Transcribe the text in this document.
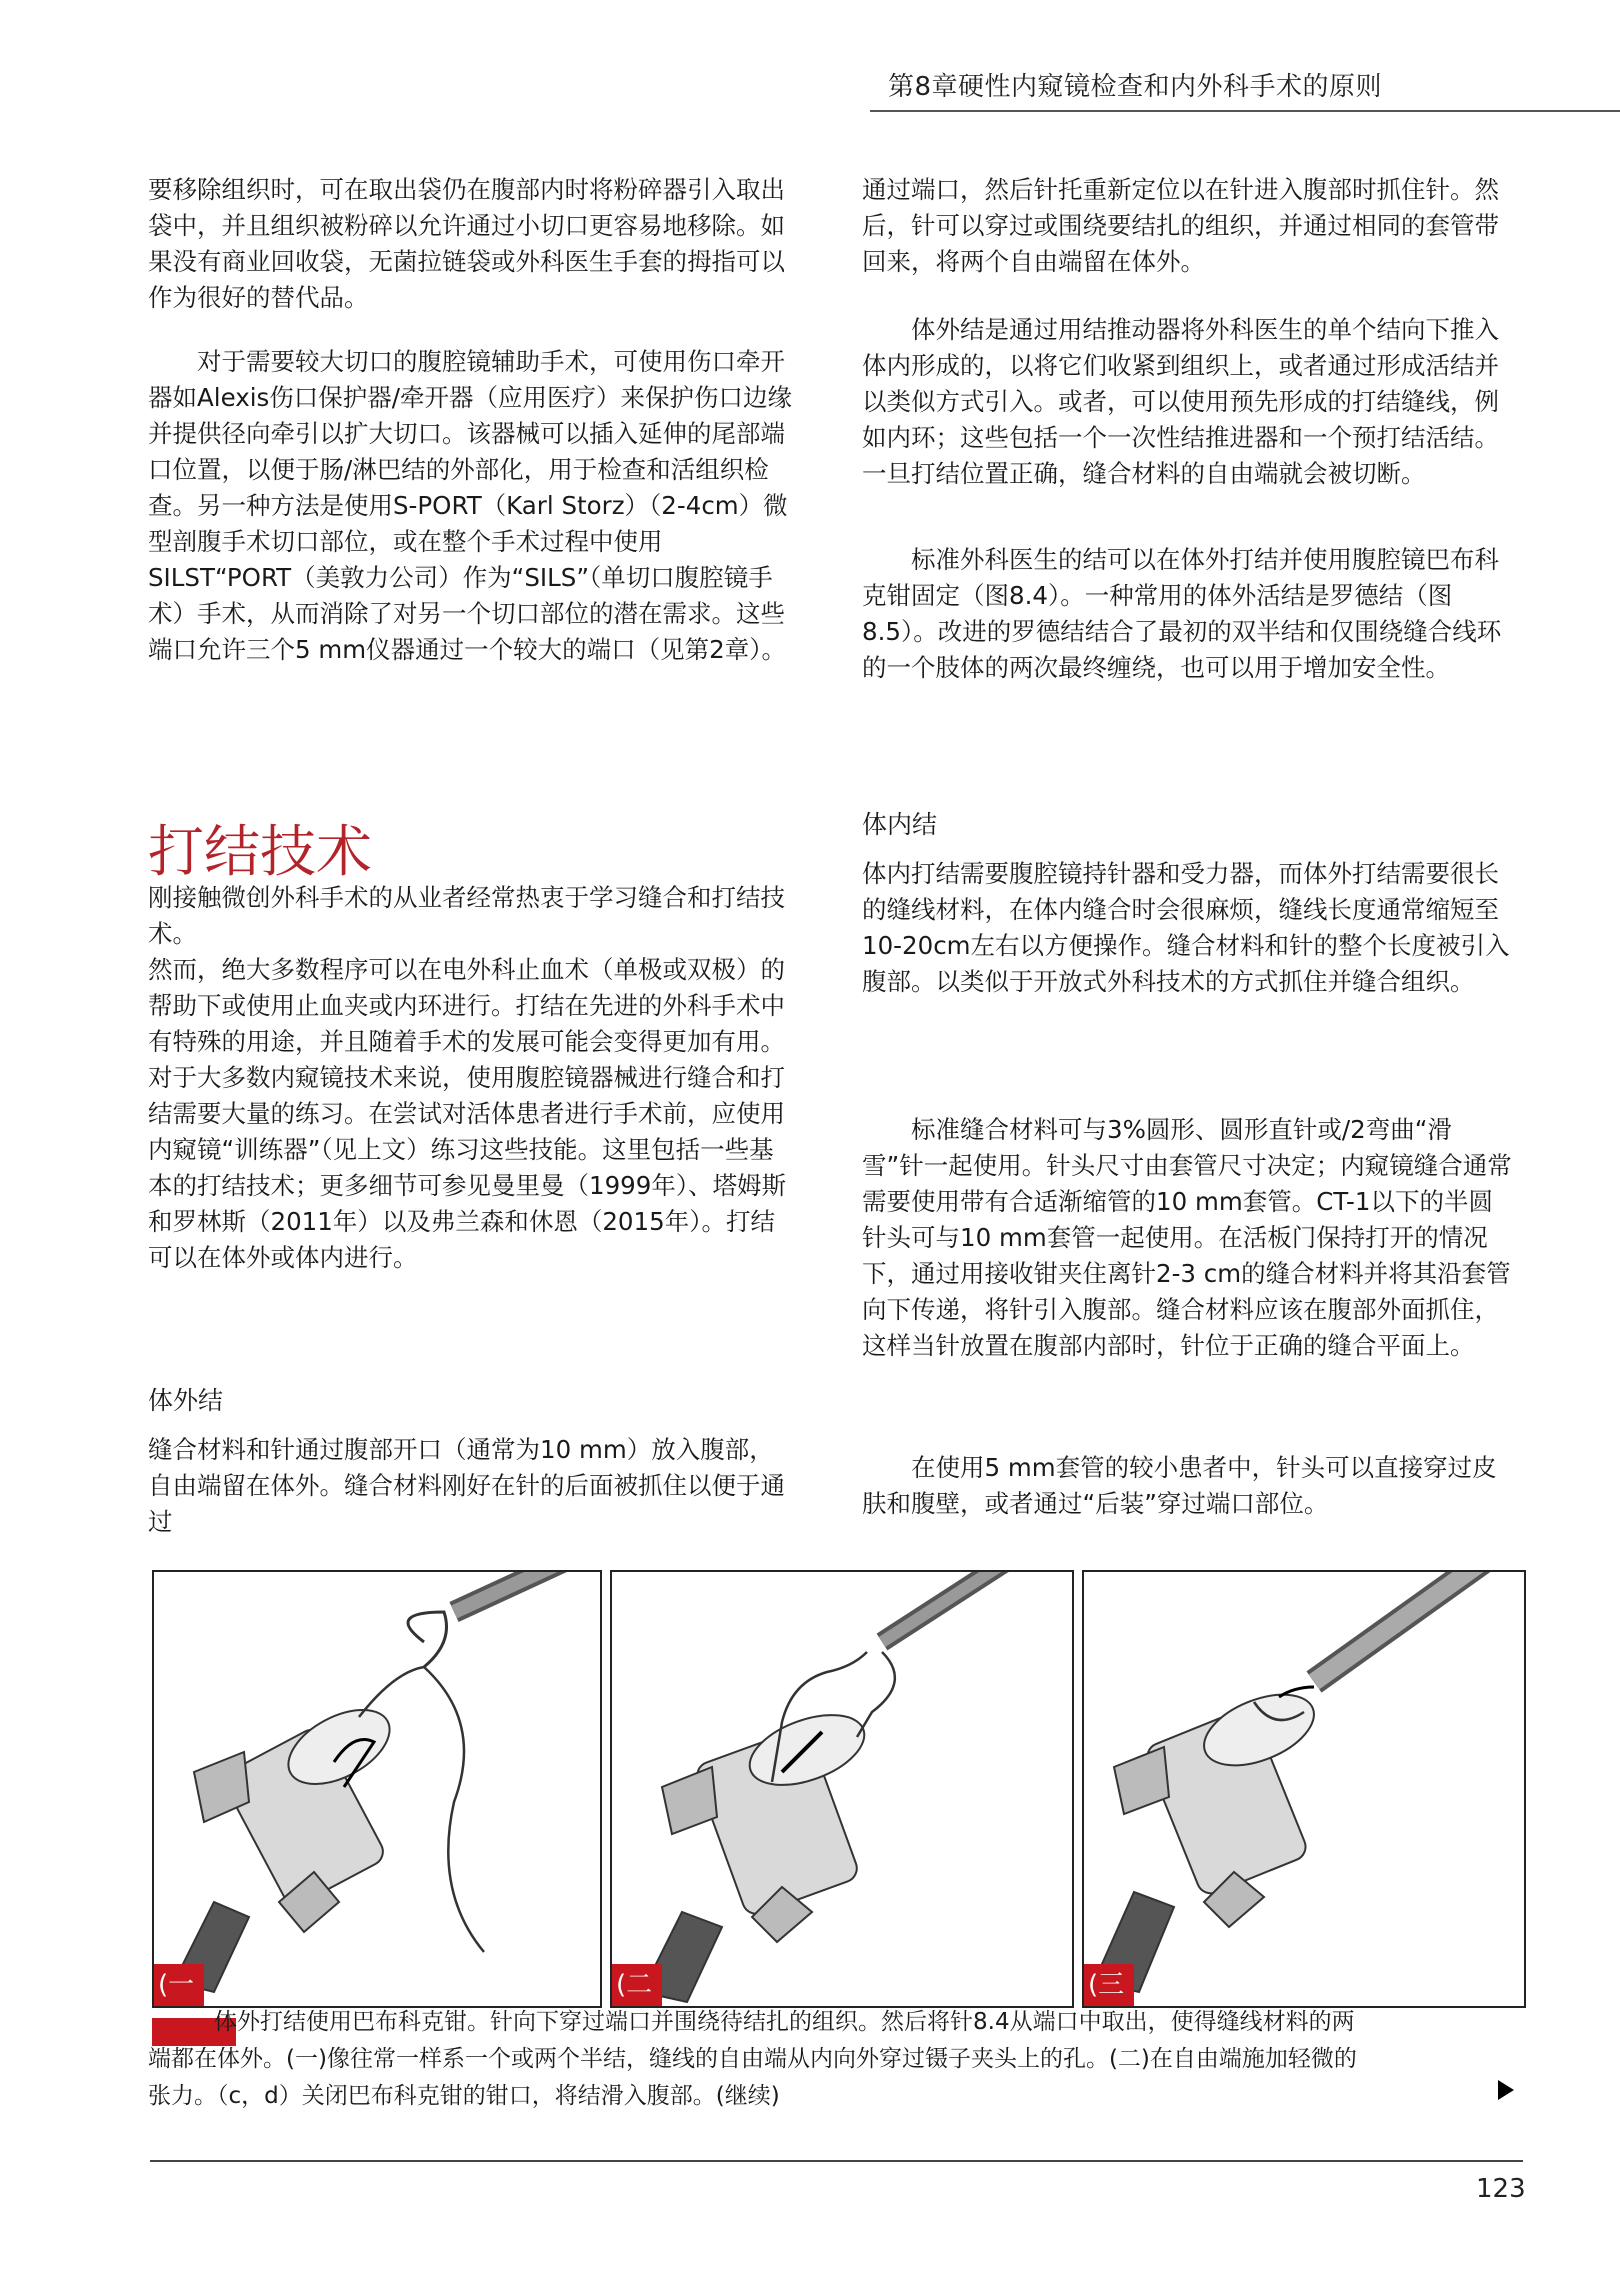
第8章硬性内窥镜检查和内外科手术的原则

要移除组织时，可在取出袋仍在腹部内时将粉碎器引入取出袋中，并且组织被粉碎以允许通过小切口更容易地移除。如果没有商业回收袋，无菌拉链袋或外科医生手套的拇指可以作为很好的替代品。

对于需要较大切口的腹腔镜辅助手术，可使用伤口牵开器如Alexis伤口保护器/牵开器（应用医疗）来保护伤口边缘并提供径向牵引以扩大切口。该器械可以插入延伸的尾部端口位置，以便于肠/淋巴结的外部化，用于检查和活组织检查。另一种方法是使用S-PORT（Karl Storz）（2-4cm）微型剖腹手术切口部位，或在整个手术过程中使用SILST“PORT（美敦力公司）作为“SILS”（单切口腹腔镜手术）手术，从而消除了对另一个切口部位的潜在需求。这些端口允许三个5 mm仪器通过一个较大的端口（见第2章）。

打结技术

刚接触微创外科手术的从业者经常热衷于学习缝合和打结技术。

然而，绝大多数程序可以在电外科止血术（单极或双极）的帮助下或使用止血夹或内环进行。打结在先进的外科手术中有特殊的用途，并且随着手术的发展可能会变得更加有用。对于大多数内窥镜技术来说，使用腹腔镜器械进行缝合和打结需要大量的练习。在尝试对活体患者进行手术前，应使用内窥镜“训练器”（见上文）练习这些技能。这里包括一些基本的打结技术；更多细节可参见曼里曼（1999年）、塔姆斯和罗林斯（2011年）以及弗兰森和休恩（2015年）。打结可以在体外或体内进行。

体外结

缝合材料和针通过腹部开口（通常为10 mm）放入腹部，自由端留在体外。缝合材料刚好在针的后面被抓住以便于通过

通过端口，然后针托重新定位以在针进入腹部时抓住针。然后，针可以穿过或围绕要结扎的组织，并通过相同的套管带回来，将两个自由端留在体外。

体外结是通过用结推动器将外科医生的单个结向下推入体内形成的，以将它们收紧到组织上，或者通过形成活结并以类似方式引入。或者，可以使用预先形成的打结缝线，例如内环；这些包括一个一次性结推进器和一个预打结活结。一旦打结位置正确，缝合材料的自由端就会被切断。

标准外科医生的结可以在体外打结并使用腹腔镜巴布科克钳固定（图8.4）。一种常用的体外活结是罗德结（图8.5）。改进的罗德结结合了最初的双半结和仅围绕缝合线环的一个肢体的两次最终缠绕，也可以用于增加安全性。

体内结

体内打结需要腹腔镜持针器和受力器，而体外打结需要很长的缝线材料，在体内缝合时会很麻烦，缝线长度通常缩短至10-20cm左右以方便操作。缝合材料和针的整个长度被引入腹部。以类似于开放式外科技术的方式抓住并缝合组织。

标准缝合材料可与3%圆形、圆形直针或/2弯曲“滑雪”针一起使用。针头尺寸由套管尺寸决定；内窥镜缝合通常需要使用带有合适渐缩管的10 mm套管。CT-1以下的半圆针头可与10 mm套管一起使用。在活板门保持打开的情况下，通过用接收钳夹住离针2-3 cm的缝合材料并将其沿套管向下传递，将针引入腹部。缝合材料应该在腹部外面抓住，这样当针放置在腹部内部时，针位于正确的缝合平面上。

在使用5 mm套管的较小患者中，针头可以直接穿过皮肤和腹壁，或者通过“后装”穿过端口部位。

(一	(二	(三
体外打结使用巴布科克钳。针向下穿过端口并围绕待结扎的组织。然后将针8.4从端口中取出，使得缝线材料的两
端都在体外。(一)像往常一样系一个或两个半结，缝线的自由端从内向外穿过镊子夹头上的孔。(二)在自由端施加轻微的
张力。（c，d）关闭巴布科克钳的钳口，将结滑入腹部。(继续)
123
